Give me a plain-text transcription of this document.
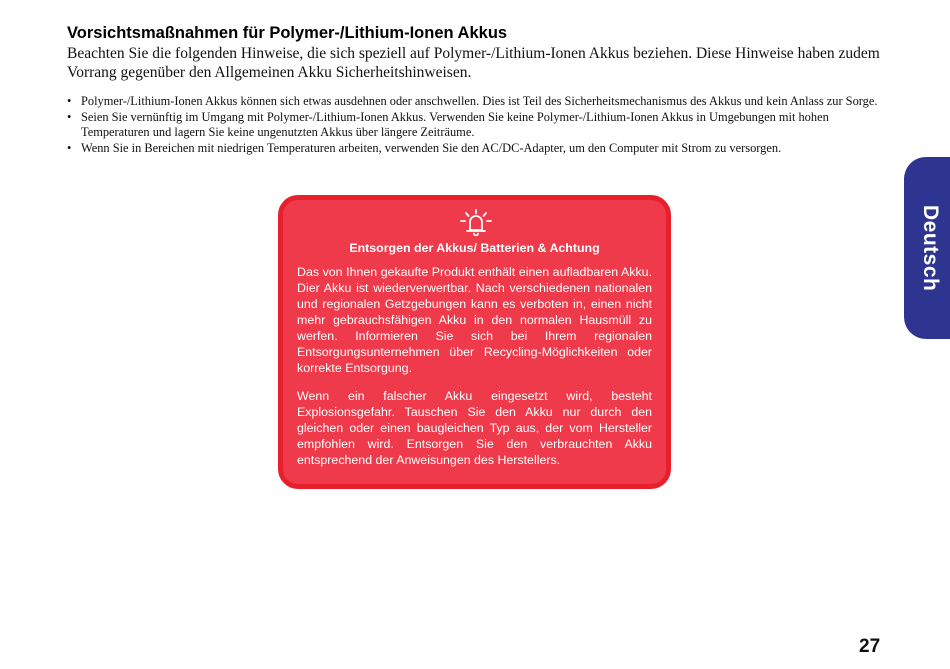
Vorsichtsmaßnahmen für Polymer-/Lithium-Ionen Akkus

Beachten Sie die folgenden Hinweise, die sich speziell auf Polymer-/Lithium-Ionen Akkus beziehen. Diese Hinweise haben zudem Vorrang gegenüber den Allgemeinen Akku Sicherheitshinweisen.

• Polymer-/Lithium-Ionen Akkus können sich etwas ausdehnen oder anschwellen. Dies ist Teil des Sicherheitsmechanismus des Akkus und kein Anlass zur Sorge.
• Seien Sie vernünftig im Umgang mit Polymer-/Lithium-Ionen Akkus. Verwenden Sie keine Polymer-/Lithium-Ionen Akkus in Umgebungen mit hohen Temperaturen und lagern Sie keine ungenutzten Akkus über längere Zeiträume.
• Wenn Sie in Bereichen mit niedrigen Temperaturen arbeiten, verwenden Sie den AC/DC-Adapter, um den Computer mit Strom zu versorgen.

Entsorgen der Akkus/ Batterien & Achtung

Das von Ihnen gekaufte Produkt enthält einen aufladbaren Akku. Dier Akku ist wiederverwertbar. Nach verschiedenen nationalen und regionalen Getzgebungen kann es verboten in, einen nicht mehr gebrauchsfähigen Akku in den normalen Hausmüll zu werfen. Informieren Sie sich bei Ihrem regionalen Entsorgungsunternehmen über Recycling-Möglichkeiten oder korrekte Entsorgung.

Wenn ein falscher Akku eingesetzt wird, besteht Explosionsgefahr. Tauschen Sie den Akku nur durch den gleichen oder einen baugleichen Typ aus, der vom Hersteller empfohlen wird. Entsorgen Sie den verbrauchten Akku entsprechend der Anweisungen des Herstellers.

Deutsch
27
